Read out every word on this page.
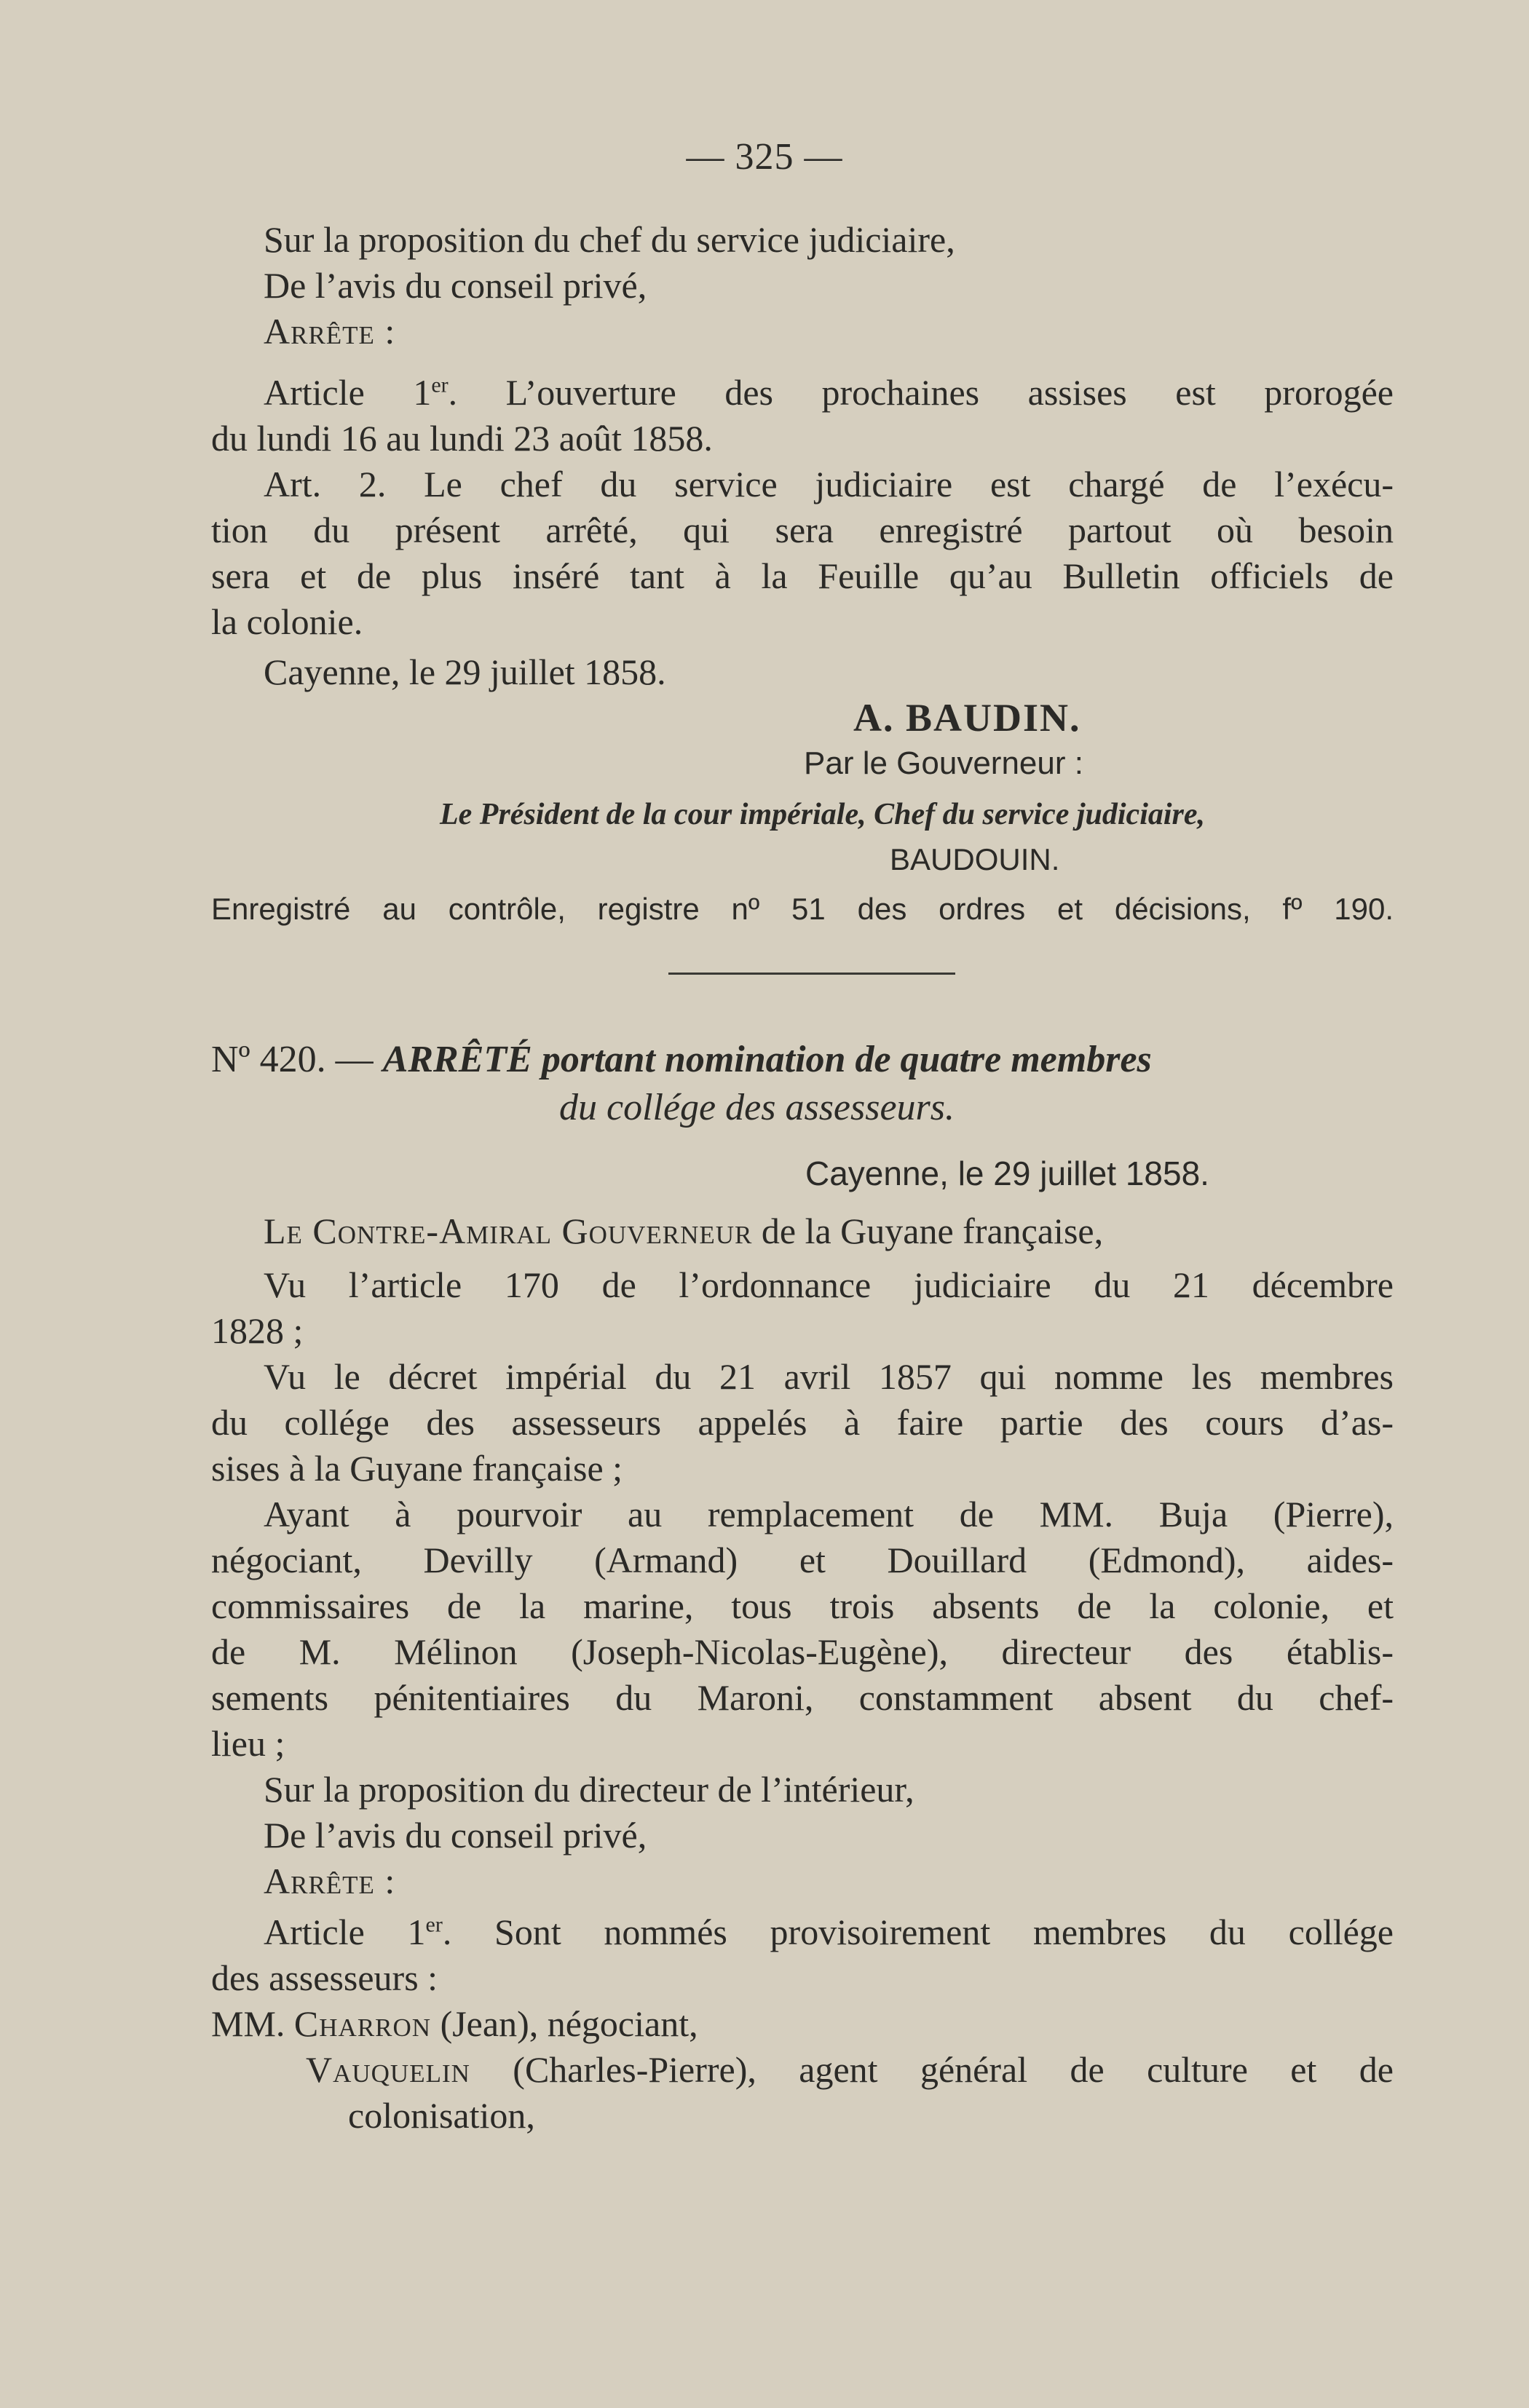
— 325 —
Sur la proposition du chef du service judiciaire,
De l’avis du conseil privé,
Arrête :
Article 1er. L’ouverture des prochaines assises est prorogée
du lundi 16 au lundi 23 août 1858.
Art. 2. Le chef du service judiciaire est chargé de l’exécu-
tion du présent arrêté, qui sera enregistré partout où besoin
sera et de plus inséré tant à la Feuille qu’au Bulletin officiels de
la colonie.
Cayenne, le 29 juillet 1858.
A. BAUDIN.
Par le Gouverneur :
Le Président de la cour impériale, Chef du service judiciaire,
BAUDOUIN.
Enregistré au contrôle, registre nº 51 des ordres et décisions, fº 190.
Nº 420. — ARRÊTÉ portant nomination de quatre membres
du collége des assesseurs.
Cayenne, le 29 juillet 1858.
Le Contre-Amiral Gouverneur de la Guyane française,
Vu l’article 170 de l’ordonnance judiciaire du 21 décembre
1828 ;
Vu le décret impérial du 21 avril 1857 qui nomme les membres
du collége des assesseurs appelés à faire partie des cours d’as-
sises à la Guyane française ;
Ayant à pourvoir au remplacement de MM. Buja (Pierre),
négociant, Devilly (Armand) et Douillard (Edmond), aides-
commissaires de la marine, tous trois absents de la colonie, et
de M. Mélinon (Joseph-Nicolas-Eugène), directeur des établis-
sements pénitentiaires du Maroni, constamment absent du chef-
lieu ;
Sur la proposition du directeur de l’intérieur,
De l’avis du conseil privé,
Arrête :
Article 1er. Sont nommés provisoirement membres du collége
des assesseurs :
MM. Charron (Jean), négociant,
Vauquelin (Charles-Pierre), agent général de culture et de
colonisation,
